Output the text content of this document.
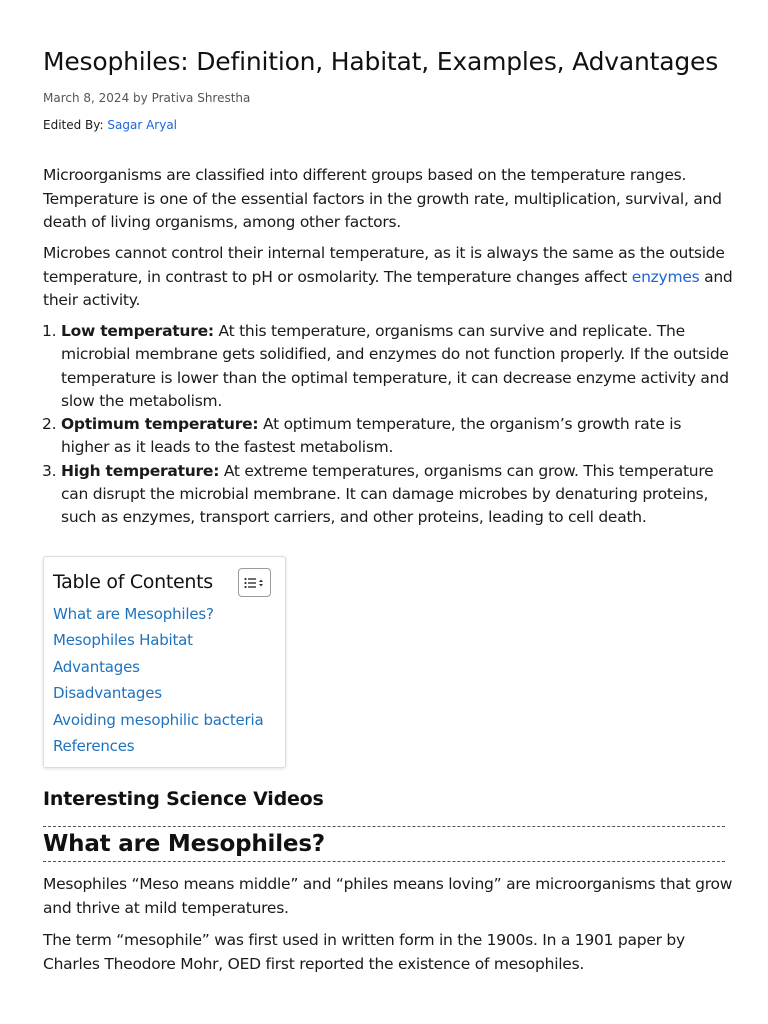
Mesophiles: Definition, Habitat, Examples, Advantages
March 8, 2024 by Prativa Shrestha
Edited By: Sagar Aryal

Microorganisms are classified into different groups based on the temperature ranges. Temperature is one of the essential factors in the growth rate, multiplication, survival, and death of living organisms, among other factors.

Microbes cannot control their internal temperature, as it is always the same as the outside temperature, in contrast to pH or osmolarity. The temperature changes affect enzymes and their activity.

1. Low temperature: At this temperature, organisms can survive and replicate. The microbial membrane gets solidified, and enzymes do not function properly. If the outside temperature is lower than the optimal temperature, it can decrease enzyme activity and slow the metabolism.
2. Optimum temperature: At optimum temperature, the organism’s growth rate is higher as it leads to the fastest metabolism.
3. High temperature: At extreme temperatures, organisms can grow. This temperature can disrupt the microbial membrane. It can damage microbes by denaturing proteins, such as enzymes, transport carriers, and other proteins, leading to cell death.
Table of Contents
What are Mesophiles?
Mesophiles Habitat
Advantages
Disadvantages
Avoiding mesophilic bacteria
References
Interesting Science Videos
What are Mesophiles?

Mesophiles “Meso means middle” and “philes means loving” are microorganisms that grow and thrive at mild temperatures.

The term “mesophile” was first used in written form in the 1900s. In a 1901 paper by Charles Theodore Mohr, OED first reported the existence of mesophiles.
